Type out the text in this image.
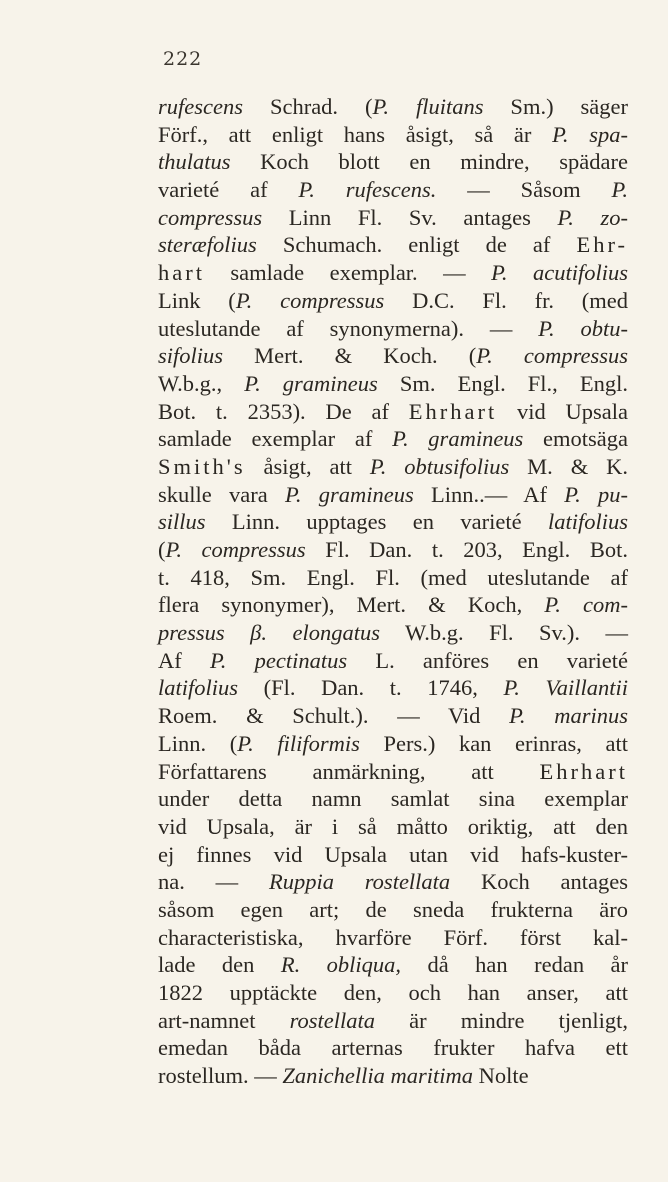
222
rufescens Schrad. (P. fluitans Sm.) säger
Förf., att enligt hans åsigt, så är P. spa-
thulatus Koch blott en mindre, spädare
varieté af P. rufescens. — Såsom P.
compressus Linn Fl. Sv. antages P. zo-
steræfolius Schumach. enligt de af Ehr-
hart samlade exemplar. — P. acutifolius
Link (P. compressus D.C. Fl. fr. (med
uteslutande af synonymerna). — P. obtu-
sifolius Mert. & Koch. (P. compressus
W.b.g., P. gramineus Sm. Engl. Fl., Engl.
Bot. t. 2353). De af Ehrhart vid Upsala
samlade exemplar af P. gramineus emotsäga
Smith's åsigt, att P. obtusifolius M. & K.
skulle vara P. gramineus Linn..— Af P. pu-
sillus Linn. upptages en varieté latifolius
(P. compressus Fl. Dan. t. 203, Engl. Bot.
t. 418, Sm. Engl. Fl. (med uteslutande af
flera synonymer), Mert. & Koch, P. com-
pressus β. elongatus W.b.g. Fl. Sv.). —
Af P. pectinatus L. anföres en varieté
latifolius (Fl. Dan. t. 1746, P. Vaillantii
Roem. & Schult.). — Vid P. marinus
Linn. (P. filiformis Pers.) kan erinras, att
Författarens anmärkning, att Ehrhart
under detta namn samlat sina exemplar
vid Upsala, är i så måtto oriktig, att den
ej finnes vid Upsala utan vid hafs-kuster-
na. — Ruppia rostellata Koch antages
såsom egen art; de sneda frukterna äro
characteristiska, hvarföre Förf. först kal-
lade den R. obliqua, då han redan år
1822 upptäckte den, och han anser, att
art-namnet rostellata är mindre tjenligt,
emedan båda arternas frukter hafva ett
rostellum. — Zanichellia maritima Nolte
